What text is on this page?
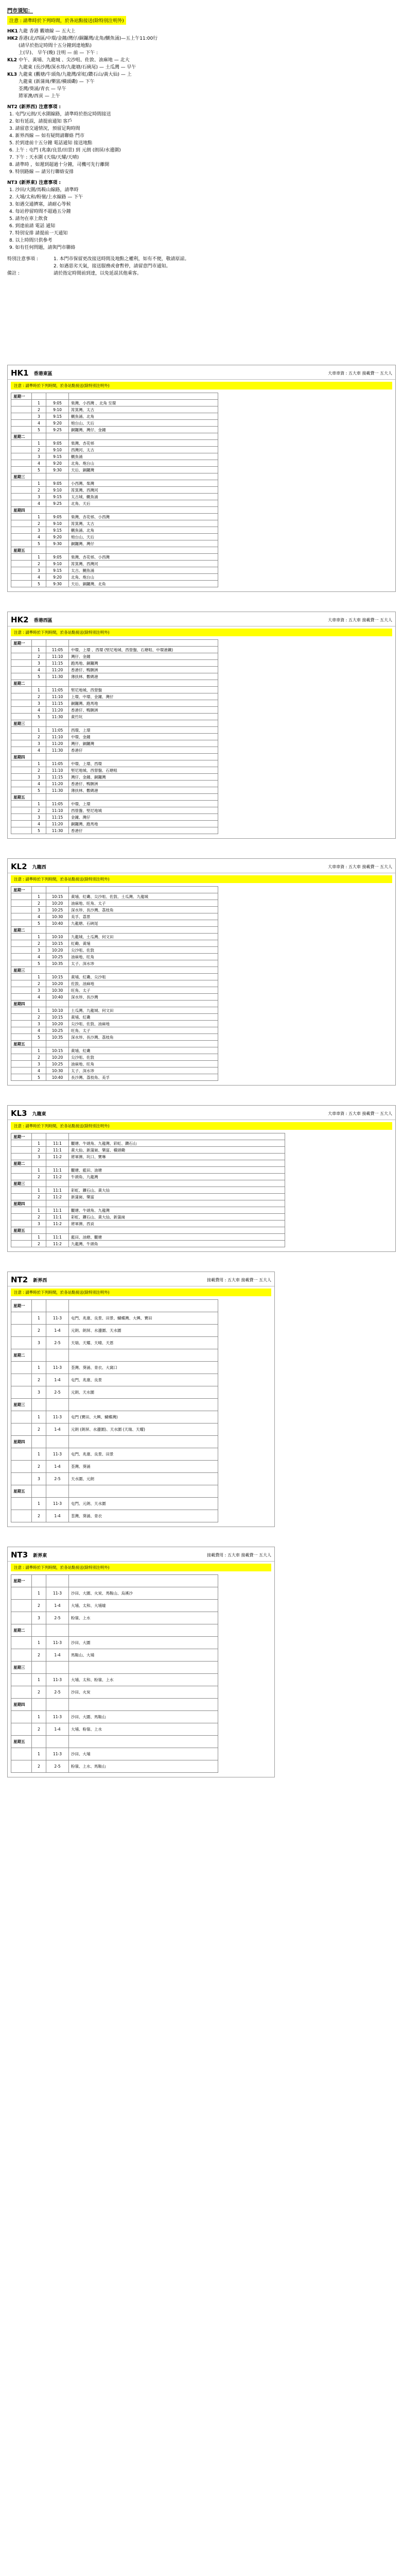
門市須知：
注意 : 請準時於下列時間，於各站點接送(除特別注明外)
HK1 九龍 香港 觀塘線 — 五大上
HK2 香港(北/西區/中環/金鐘/灣仔/銅鑼灣/北角/鰂魚涌)—五上午11:00行
(請早於指定時間十五分鐘到達地點)
上(早)、 早午(晚) 注明 — 前 — 下午 :
KL2 中午、黃埔、九龍城 、尖沙咀、佐敦、油麻地 — 北大
九龍東 (長沙灣/深水埗/九龍塘/石硤尾) — 土瓜灣 — 早午
KL3 九龍東 (觀塘/牛頭角/九龍灣/彩虹/鑽石山/黃大仙) — 上
九龍東 (新蒲崗/樂富/橫頭磡) — 下午
荃灣/葵涌/青衣 — 早午
將軍澳/西貢 — 上午
NT2 (新界西) 注意事項 :
1. 屯門/元朗/天水圍線路，請準時於指定時間接送
2. 如有延誤，請提前通知 客戶
3. 請留意交通情況，預留足夠時間
4. 新界西線 — 如有疑問請聯絡 門市
5. 於到達前十五分鐘 電話通知 接送地點
6. 上午 : 屯門 (兆康/良景/田景) 到 元朗 (朗屏/水邊圍)
7. 下午 : 天水圍 (天瑞/天耀/天晴)
8. 請準時 ，如遲到超過十分鐘，司機可先行離開
9. 特別路線 — 請另行聯絡安排
NT3 (新界東) 注意事項 :
1. 沙田/大圍/馬鞍山線路，請準時
2. 大埔/太和/粉嶺/上水線路 — 下午
3. 如遇交通擠塞，請耐心等候
4. 每站停留時間不超過五分鐘
5. 請勿在車上飲食
6. 到達前請 電話 通知
7. 特別安排 請提前一天通知
8. 以上時間只供參考
9. 如有任何問題，請與門市聯絡
特別注意事項 :	1. 本門市保留更改接送時間及地點之權利，如有不便，敬請原諒。
2. 如遇惡劣天氣，接送服務或會暫停，請留意門市通知。
備註 :	請於指定時間前到達，以免延誤其他乘客。
HK1 香港東區	大車車資 : 五大車 接載費一 五大人
注意 : 請準時於下列時間，於各站點接送(除特別注明外)
星期一			
	1	9:05	柴灣、小西灣 、北角 至環
	2	9:10	筲箕灣、太古
	3	9:15	鰂魚涌、北角
	4	9:20	炮台山、天后
	5	9:25	銅鑼灣、灣仔、金鐘
星期二			
	1	9:05	柴灣、杏花邨
	2	9:10	西灣河、太古
	3	9:15	鰂魚涌
	4	9:20	北角、炮台山
	5	9:30	天后、銅鑼灣
星期三			
	1	9:05	小西灣、柴灣
	2	9:10	筲箕灣、西灣河
	3	9:15	太古城、鰂魚涌
	4	9:25	北角、天后
星期四			
	1	9:05	柴灣、杏花邨、小西灣
	2	9:10	筲箕灣、太古
	3	9:15	鰂魚涌、北角
	4	9:20	炮台山、天后
	5	9:30	銅鑼灣、灣仔
星期五			
	1	9:05	柴灣、杏花邨、小西灣
	2	9:10	筲箕灣、西灣河
	3	9:15	太古、鰂魚涌
	4	9:20	北角、炮台山
	5	9:30	天后、銅鑼灣、北角
HK2 香港西區	大車車資 : 五大車 接載費一 五大人
注意 : 請準時於下列時間，於各站點接送(除特別注明外)
星期一			
	1	11:05	中環、上環 、西環 (堅尼地城、西營盤、石塘咀、中環港鐵)
	2	11:10	灣仔、金鐘
	3	11:15	跑馬地、銅鑼灣
	4	11:20	香港仔、鴨脷洲
	5	11:30	薄扶林、數碼港
星期二			
	1	11:05	堅尼地城、西營盤
	2	11:10	上環、中環、金鐘、灣仔
	3	11:15	銅鑼灣、跑馬地
	4	11:20	香港仔、鴨脷洲
	5	11:30	黃竹坑
星期三			
	1	11:05	西環、上環
	2	11:10	中環、金鐘
	3	11:20	灣仔、銅鑼灣
	4	11:30	香港仔
星期四			
	1	11:05	中環、上環、西環
	2	11:10	堅尼地城、西營盤、石塘咀
	3	11:15	灣仔、金鐘、銅鑼灣
	4	11:20	香港仔、鴨脷洲
	5	11:30	薄扶林、數碼港
星期五			
	1	11:05	中環、上環
	2	11:10	西營盤、堅尼地城
	3	11:15	金鐘、灣仔
	4	11:20	銅鑼灣、跑馬地
	5	11:30	香港仔
KL2 九龍西	大車車資 : 五大車 接載費一 五大人
注意 : 請準時於下列時間，於各站點接送(除特別注明外)
星期一			
	1	10:15	黃埔、紅磡、尖沙咀、佐敦、土瓜灣、九龍城
	2	10:20	油麻地、旺角、太子
	3	10:25	深水埗、長沙灣、荔枝角
	4	10:30	美孚、荔景
	5	10:40	九龍塘、石硤尾
星期二			
	1	10:10	九龍城、土瓜灣、何文田
	2	10:15	紅磡、黃埔
	3	10:20	尖沙咀、佐敦
	4	10:25	油麻地、旺角
	5	10:35	太子、深水埗
星期三			
	1	10:15	黃埔、紅磡、尖沙咀
	2	10:20	佐敦、油麻地
	3	10:30	旺角、太子
	4	10:40	深水埗、長沙灣
星期四			
	1	10:10	土瓜灣、九龍城、何文田
	2	10:15	黃埔、紅磡
	3	10:20	尖沙咀、佐敦、油麻地
	4	10:25	旺角、太子
	5	10:35	深水埗、長沙灣、荔枝角
星期五			
	1	10:15	黃埔、紅磡
	2	10:20	尖沙咀、佐敦
	3	10:25	油麻地、旺角
	4	10:30	太子、深水埗
	5	10:40	長沙灣、荔枝角、美孚
KL3 九龍東	大車車資 : 五大車 接載費一 五大人
注意 : 請準時於下列時間，於各站點接送(除特別注明外)
星期一			
	1	11:1	觀塘、牛頭角、九龍灣、彩虹、鑽石山
	2	11:1	黃大仙、新蒲崗、樂富、橫頭磡
	3	11:2	將軍澳、坑口、寶琳
星期二			
	1	11:1	觀塘、藍田、油塘
	2	11:2	牛頭角、九龍灣
星期三			
	1	11:1	彩虹、鑽石山、黃大仙
	2	11:2	新蒲崗、樂富
星期四			
	1	11:1	觀塘、牛頭角、九龍灣
	2	11:1	彩虹、鑽石山、黃大仙、新蒲崗
	3	11:2	將軍澳、西貢
星期五			
	1	11:1	藍田、油塘、觀塘
	2	11:2	九龍灣、牛頭角
NT2 新界西	接載費用 : 五大車 接載費一 五大人
注意 : 請準時於下列時間，於各站點接送(除特別注明外)
星期一			
	1	11-3	屯門、兆康、良景、田景、蝴蝶灣、大興、寶田
	2	1-4	元朗、朗屏、水邊圍、天水圍
	3	2-5	天瑞、天耀、天晴、天恩
星期二			
	1	11-3	荃灣、葵涌、青衣、大窩口
	2	1-4	屯門、兆康、良景
	3	2-5	元朗、天水圍
星期三			
	1	11-3	屯門 (寶田、大興、蝴蝶灣)
	2	1-4	元朗 (朗屏、水邊圍)、天水圍 (天瑞、天耀)
星期四			
	1	11-3	屯門、兆康、良景、田景
	2	1-4	荃灣、葵涌
	3	2-5	天水圍、元朗
星期五			
	1	11-3	屯門、元朗、天水圍
	2	1-4	荃灣、葵涌、青衣
NT3 新界東	接載費用 : 五大車 接載費一 五大人
注意 : 請準時於下列時間，於各站點接送(除特別注明外)
星期一			
	1	11-3	沙田、大圍、火炭、馬鞍山、烏溪沙
	2	1-4	大埔、太和、大埔墟
	3	2-5	粉嶺、上水
星期二			
	1	11-3	沙田、大圍
	2	1-4	馬鞍山、大埔
星期三			
	1	11-3	大埔、太和、粉嶺、上水
	2	2-5	沙田、火炭
星期四			
	1	11-3	沙田、大圍、馬鞍山
	2	1-4	大埔、粉嶺、上水
星期五			
	1	11-3	沙田、大埔
	2	2-5	粉嶺、上水、馬鞍山
